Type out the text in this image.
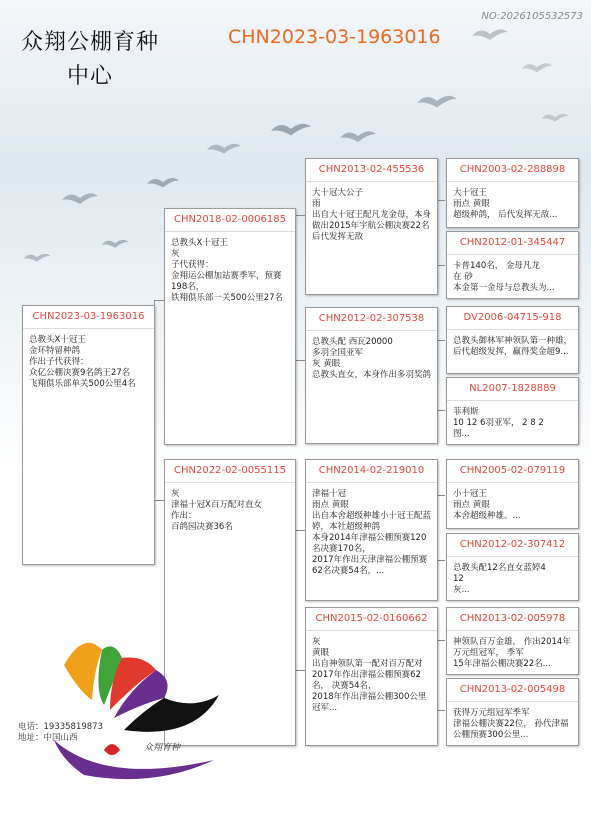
众翔公棚育种中心
CHN2023-03-1963016
NO:2026105532573
CHN2023-03-1963016
总教头X十冠王
金环特留种鸽
作出子代获得：
众亿公棚决赛9名鸽王27名
飞翔俱乐部单关500公里4名
CHN2018-02-0006185
总教头X十冠王
灰
子代获得：
金翔运公棚加站赛季军，预赛198名，
铁翔俱乐部一关500公里27名
CHN2022-02-0055115
灰
津福十冠X百万配对直女
作出：
百鸽园决赛36名
CHN2013-02-455536
大十冠大公子
雨
出自大十冠王配凡龙金母，本身做出2015年宇航公棚决赛22名后代发挥无敌
CHN2012-02-307538
总教头配 西瓦20000
多羽全国亚军
灰 黄眼
总教头直女，本身作出多羽奖鸽
CHN2014-02-219010
津福十冠
雨点 黄眼
出自本舍超级种雄小十冠王配蓝婷，本社超级种鸽
本身2014年津福公棚预赛120名决赛170名，
2017年作出天津津福公棚预赛62名决赛54名，...
CHN2015-02-0160662
灰
黄眼
出自神领队第一配对百万配对
2017年作出津福公棚预赛62名， 决赛54名，
2018年作出津福公棚300公里冠军...
CHN2003-02-288898
大十冠王
雨点 黄眼
超级种鸽， 后代发挥无敌...
CHN2012-01-345447
卡普140名， 金母凡龙
在 砂
本金第一金母与总教头为...
DV2006-04715-918
总教头御林军神领队第一种雄，后代超级发挥，赢得奖金超9...
NL2007-1828889
菲利斯
10 12 6羽亚军， 2 8 2
图...
CHN2005-02-079119
小十冠王
雨点 黄眼
本舍超级种雄。...
CHN2012-02-307412
总教头配12名直女蓝婷4
12
灰...
CHN2013-02-005978
神领队百万金雄， 作出2014年万元组冠军， 季军
15年津福公棚决赛22名...
CHN2013-02-005498
获得万元组冠军季军
津福公棚决赛22位， 孙代津福公棚预赛300公里...
众翔育种
电话：19335819873
地址：中国山西
